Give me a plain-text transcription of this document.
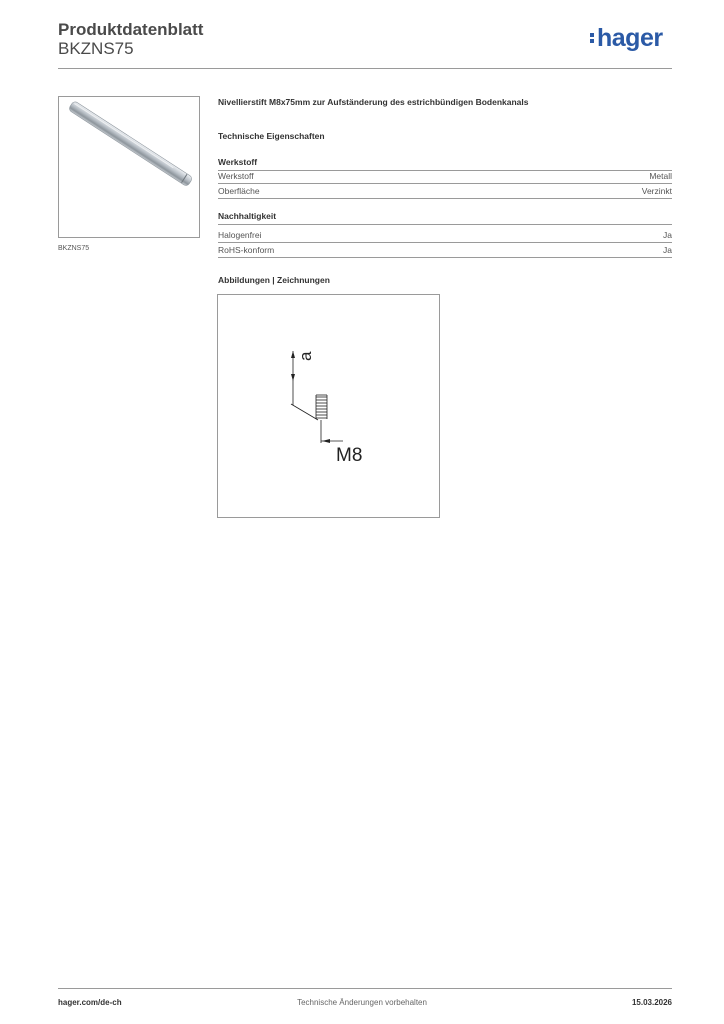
Produktdatenblatt
BKZNS75	hager
BKZNS75
Nivellierstift M8x75mm zur Aufständerung des estrichbündigen Bodenkanals
Technische Eigenschaften
Werkstoff
Werkstoff	Metall
Oberfläche	Verzinkt
Nachhaltigkeit
Halogenfrei	Ja
RoHS-konform	Ja
Abbildungen | Zeichnungen
a
M8
hager.com/de-ch	Technische Änderungen vorbehalten	15.03.2026
